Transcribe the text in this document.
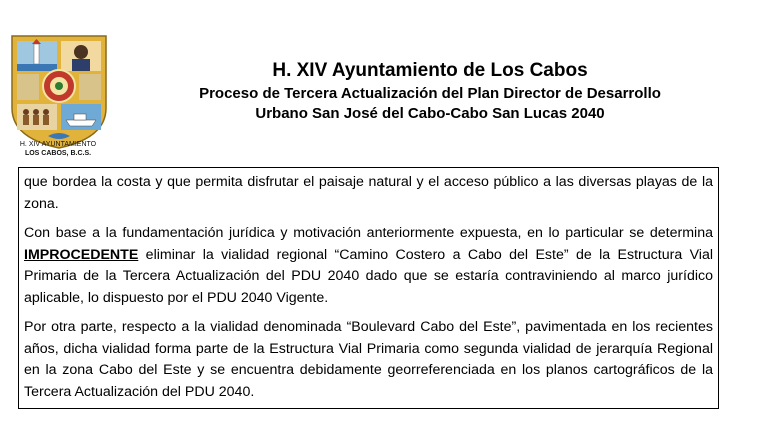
H. XIV AYUNTAMIENTO
LOS CABOS, B.C.S.
H. XIV Ayuntamiento de Los Cabos
Proceso de Tercera Actualización del Plan Director de Desarrollo
Urbano San José del Cabo-Cabo San Lucas 2040

que bordea la costa y que permita disfrutar el paisaje natural y el acceso público a las diversas playas de la zona.

Con base a la fundamentación jurídica y motivación anteriormente expuesta, en lo particular se determina IMPROCEDENTE eliminar la vialidad regional “Camino Costero a Cabo del Este” de la Estructura Vial Primaria de la Tercera Actualización del PDU 2040 dado que se estaría contraviniendo al marco jurídico aplicable, lo dispuesto por el PDU 2040 Vigente.

Por otra parte, respecto a la vialidad denominada “Boulevard Cabo del Este”, pavimentada en los recientes años, dicha vialidad forma parte de la Estructura Vial Primaria como segunda vialidad de jerarquía Regional en la zona Cabo del Este y se encuentra debidamente georreferenciada en los planos cartográficos de la Tercera Actualización del PDU 2040.
